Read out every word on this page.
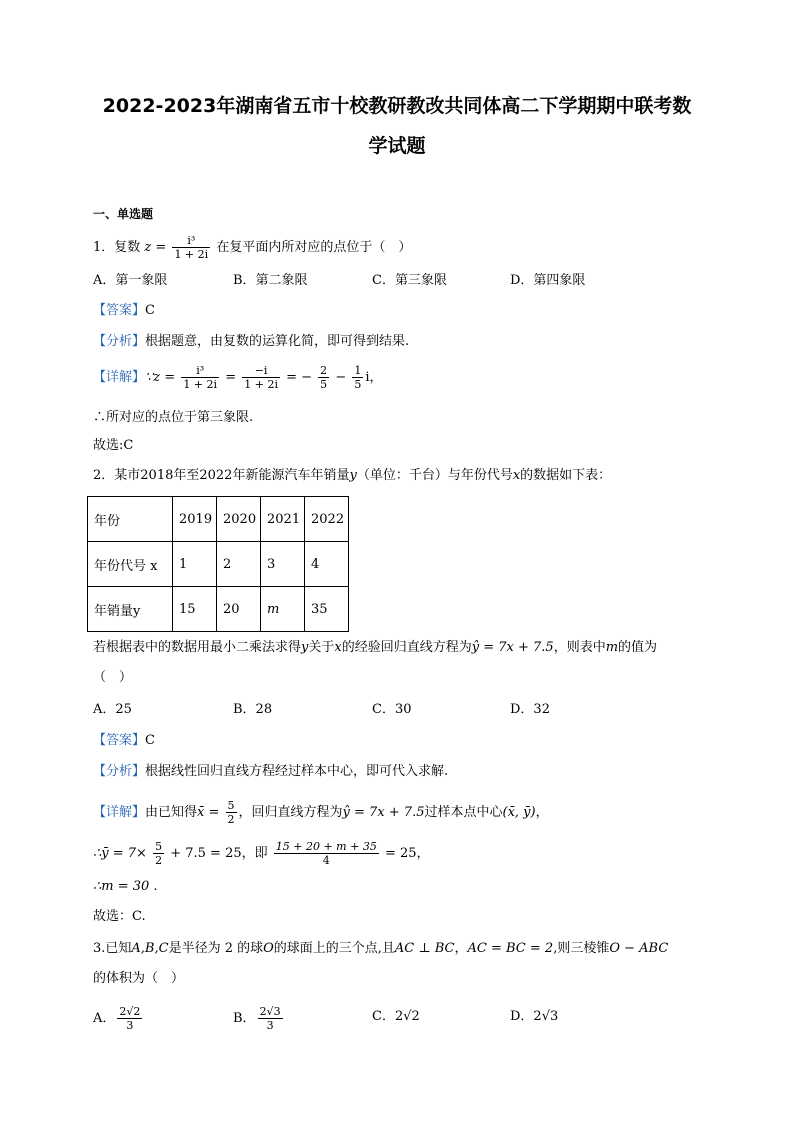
2022-2023年湖南省五市十校教研教改共同体高二下学期期中联考数
学试题
一、单选题
1．复数 $z = \frac{\text{i³}}{1 + 2i}$ 在复平面内所对应的点位于（　）
A．第一象限	B．第二象限	C．第三象限	D．第四象限
【答案】C
【分析】根据题意，由复数的运算化简，即可得到结果.
【详解】∵z = $\frac{\text{i³}}{1 + 2i} = \frac{-i}{1 + 2i}$ = − $\frac{2}{5} - \frac{1}{5}$ i，
∴所对应的点位于第三象限.
故选:C
2．某市2018年至2022年新能源汽车年销量y（单位：千台）与年份代号x的数据如下表：
年份	2019	2020	2021	2022
年份代号 x	1	2	3	4
年销量y	15	20	m	35
若根据表中的数据用最小二乘法求得y关于x的经验回归直线方程为ŷ = 7x + 7.5，则表中m的值为
（　）
A．25	B．28	C．30	D．32
【答案】C
【分析】根据线性回归直线方程经过样本中心，即可代入求解.
【详解】由已知得x̄ = $\frac{5}{2}$ ，回归直线方程为ŷ = 7x + 7.5过样本点中心(x̄, ȳ)，
∴ȳ = $7\times \frac{5}{2} + 7.5 = 25$，即 $\frac{15 + 20 + m + 35}{4} = 25$，
∴m = 30 .
故选：C.
3.已知A,B,C是半径为 2 的球O的球面上的三个点,且AC ⊥ BC，AC = BC = 2,则三棱锥O − ABC
的体积为（　）
A． $\frac{2√2}{3}$	B． $\frac{2√3}{3}$	C．2√2	D．2√3
